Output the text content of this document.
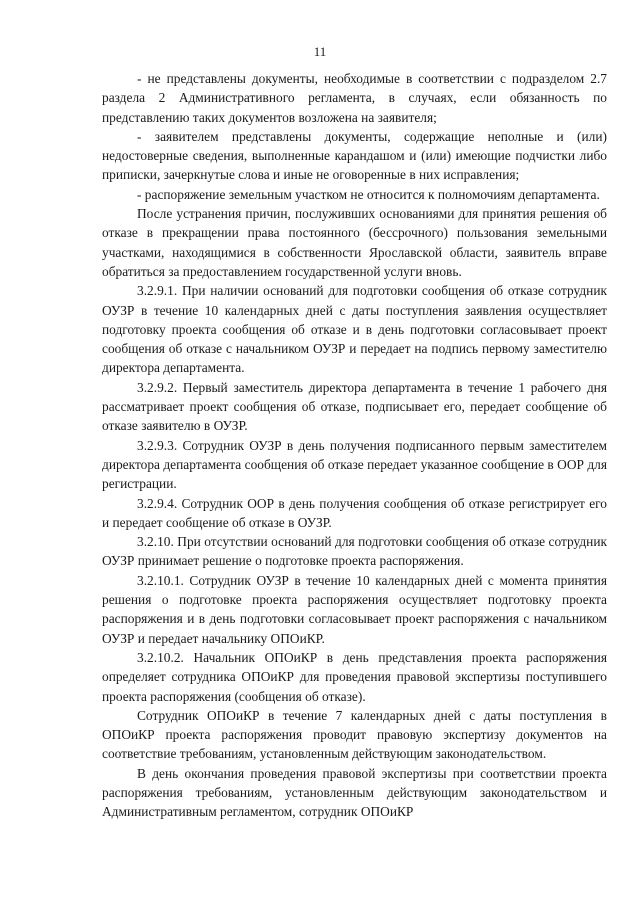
11

- не представлены документы, необходимые в соответствии с подразделом 2.7 раздела 2 Административного регламента, в случаях, если обязанность по представлению таких документов возложена на заявителя;

- заявителем представлены документы, содержащие неполные и (или) недостоверные сведения, выполненные карандашом и (или) имеющие подчистки либо приписки, зачеркнутые слова и иные не оговоренные в них исправления;

- распоряжение земельным участком не относится к полномочиям департамента.

После устранения причин, послуживших основаниями для принятия решения об отказе в прекращении права постоянного (бессрочного) пользования земельными участками, находящимися в собственности Ярославской области, заявитель вправе обратиться за предоставлением государственной услуги вновь.

3.2.9.1. При наличии оснований для подготовки сообщения об отказе сотрудник ОУЗР в течение 10 календарных дней с даты поступления заявления осуществляет подготовку проекта сообщения об отказе и в день подготовки согласовывает проект сообщения об отказе с начальником ОУЗР и передает на подпись первому заместителю директора департамента.

3.2.9.2. Первый заместитель директора департамента в течение 1 рабочего дня рассматривает проект сообщения об отказе, подписывает его, передает сообщение об отказе заявителю в ОУЗР.

3.2.9.3. Сотрудник ОУЗР в день получения подписанного первым заместителем директора департамента сообщения об отказе передает указанное сообщение в ООР для регистрации.

3.2.9.4. Сотрудник ООР в день получения сообщения об отказе регистрирует его и передает сообщение об отказе в ОУЗР.

3.2.10. При отсутствии оснований для подготовки сообщения об отказе сотрудник ОУЗР принимает решение о подготовке проекта распоряжения.

3.2.10.1. Сотрудник ОУЗР в течение 10 календарных дней с момента принятия решения о подготовке проекта распоряжения осуществляет подготовку проекта распоряжения и в день подготовки согласовывает проект распоряжения с начальником ОУЗР и передает начальнику ОПОиКР.

3.2.10.2. Начальник ОПОиКР в день представления проекта распоряжения определяет сотрудника ОПОиКР для проведения правовой экспертизы поступившего проекта распоряжения (сообщения об отказе).

Сотрудник ОПОиКР в течение 7 календарных дней с даты поступления в ОПОиКР проекта распоряжения проводит правовую экспертизу документов на соответствие требованиям, установленным действующим законодательством.

В день окончания проведения правовой экспертизы при соответствии проекта распоряжения требованиям, установленным действующим законодательством и Административным регламентом, сотрудник ОПОиКР
